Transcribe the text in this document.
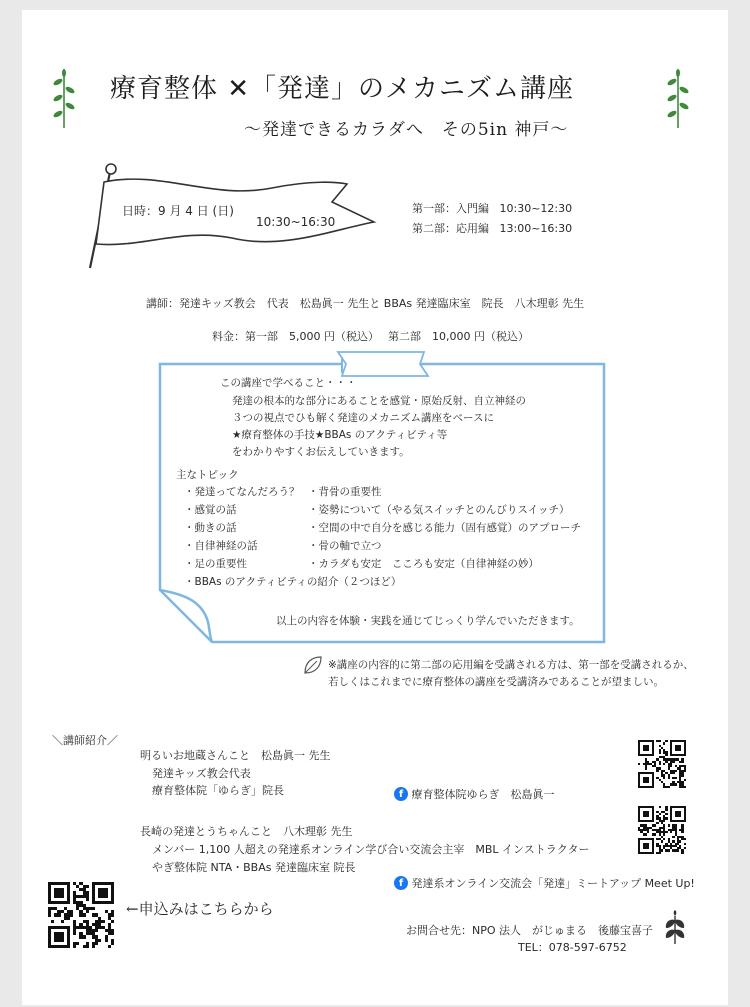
療育整体 ✕「発達」のメカニズム講座
〜発達できるカラダへ　その5in 神戸〜
日時：9 月 4 日 (日)
10:30~16:30
第一部：入門編 10:30~12:30
第二部：応用編 13:00~16:30
講師：発達キッズ教会　代表　松島眞一 先生と BBAs 発達臨床室　院長　八木理彰 先生
料金：第一部　5,000 円（税込）　 第二部　10,000 円（税込）
この講座で学べること・・・
発達の根本的な部分にあることを感覚・原始反射、自立神経の
３つの視点でひも解く発達のメカニズム講座をベースに
★療育整体の手技★BBAs のアクティビティ等
をわかりやすくお伝えしていきます。
主なトピック
・発達ってなんだろう？
・感覚の話
・動きの話
・自律神経の話
・足の重要性
・BBAs のアクティビティの紹介（２つほど）
・背骨の重要性
・姿勢について（やる気スイッチとのんびりスイッチ）
・空間の中で自分を感じる能力（固有感覚）のアプローチ
・骨の軸で立つ
・カラダも安定　こころも安定（自律神経の妙）
以上の内容を体験・実践を通じてじっくり学んでいただきます。
※講座の内容的に第二部の応用編を受講される方は、第一部を受講されるか、
若しくはこれまでに療育整体の講座を受講済みであることが望ましい。
＼講師紹介／
明るいお地蔵さんこと　松島眞一 先生
発達キッズ教会代表
療育整体院「ゆらぎ」院長	f 療育整体院ゆらぎ　松島眞一
長崎の発達とうちゃんこと　八木理彰 先生
メンバー 1,100 人超えの発達系オンライン学び合い交流会主宰　MBL インストラクター
やぎ整体院 NTA・BBAs 発達臨床室 院長
f 発達系オンライン交流会「発達」ミートアップ Meet Up!
←申込みはこちらから
お問合せ先：NPO 法人　がじゅまる　後藤宝喜子
TEL：078-597-6752
